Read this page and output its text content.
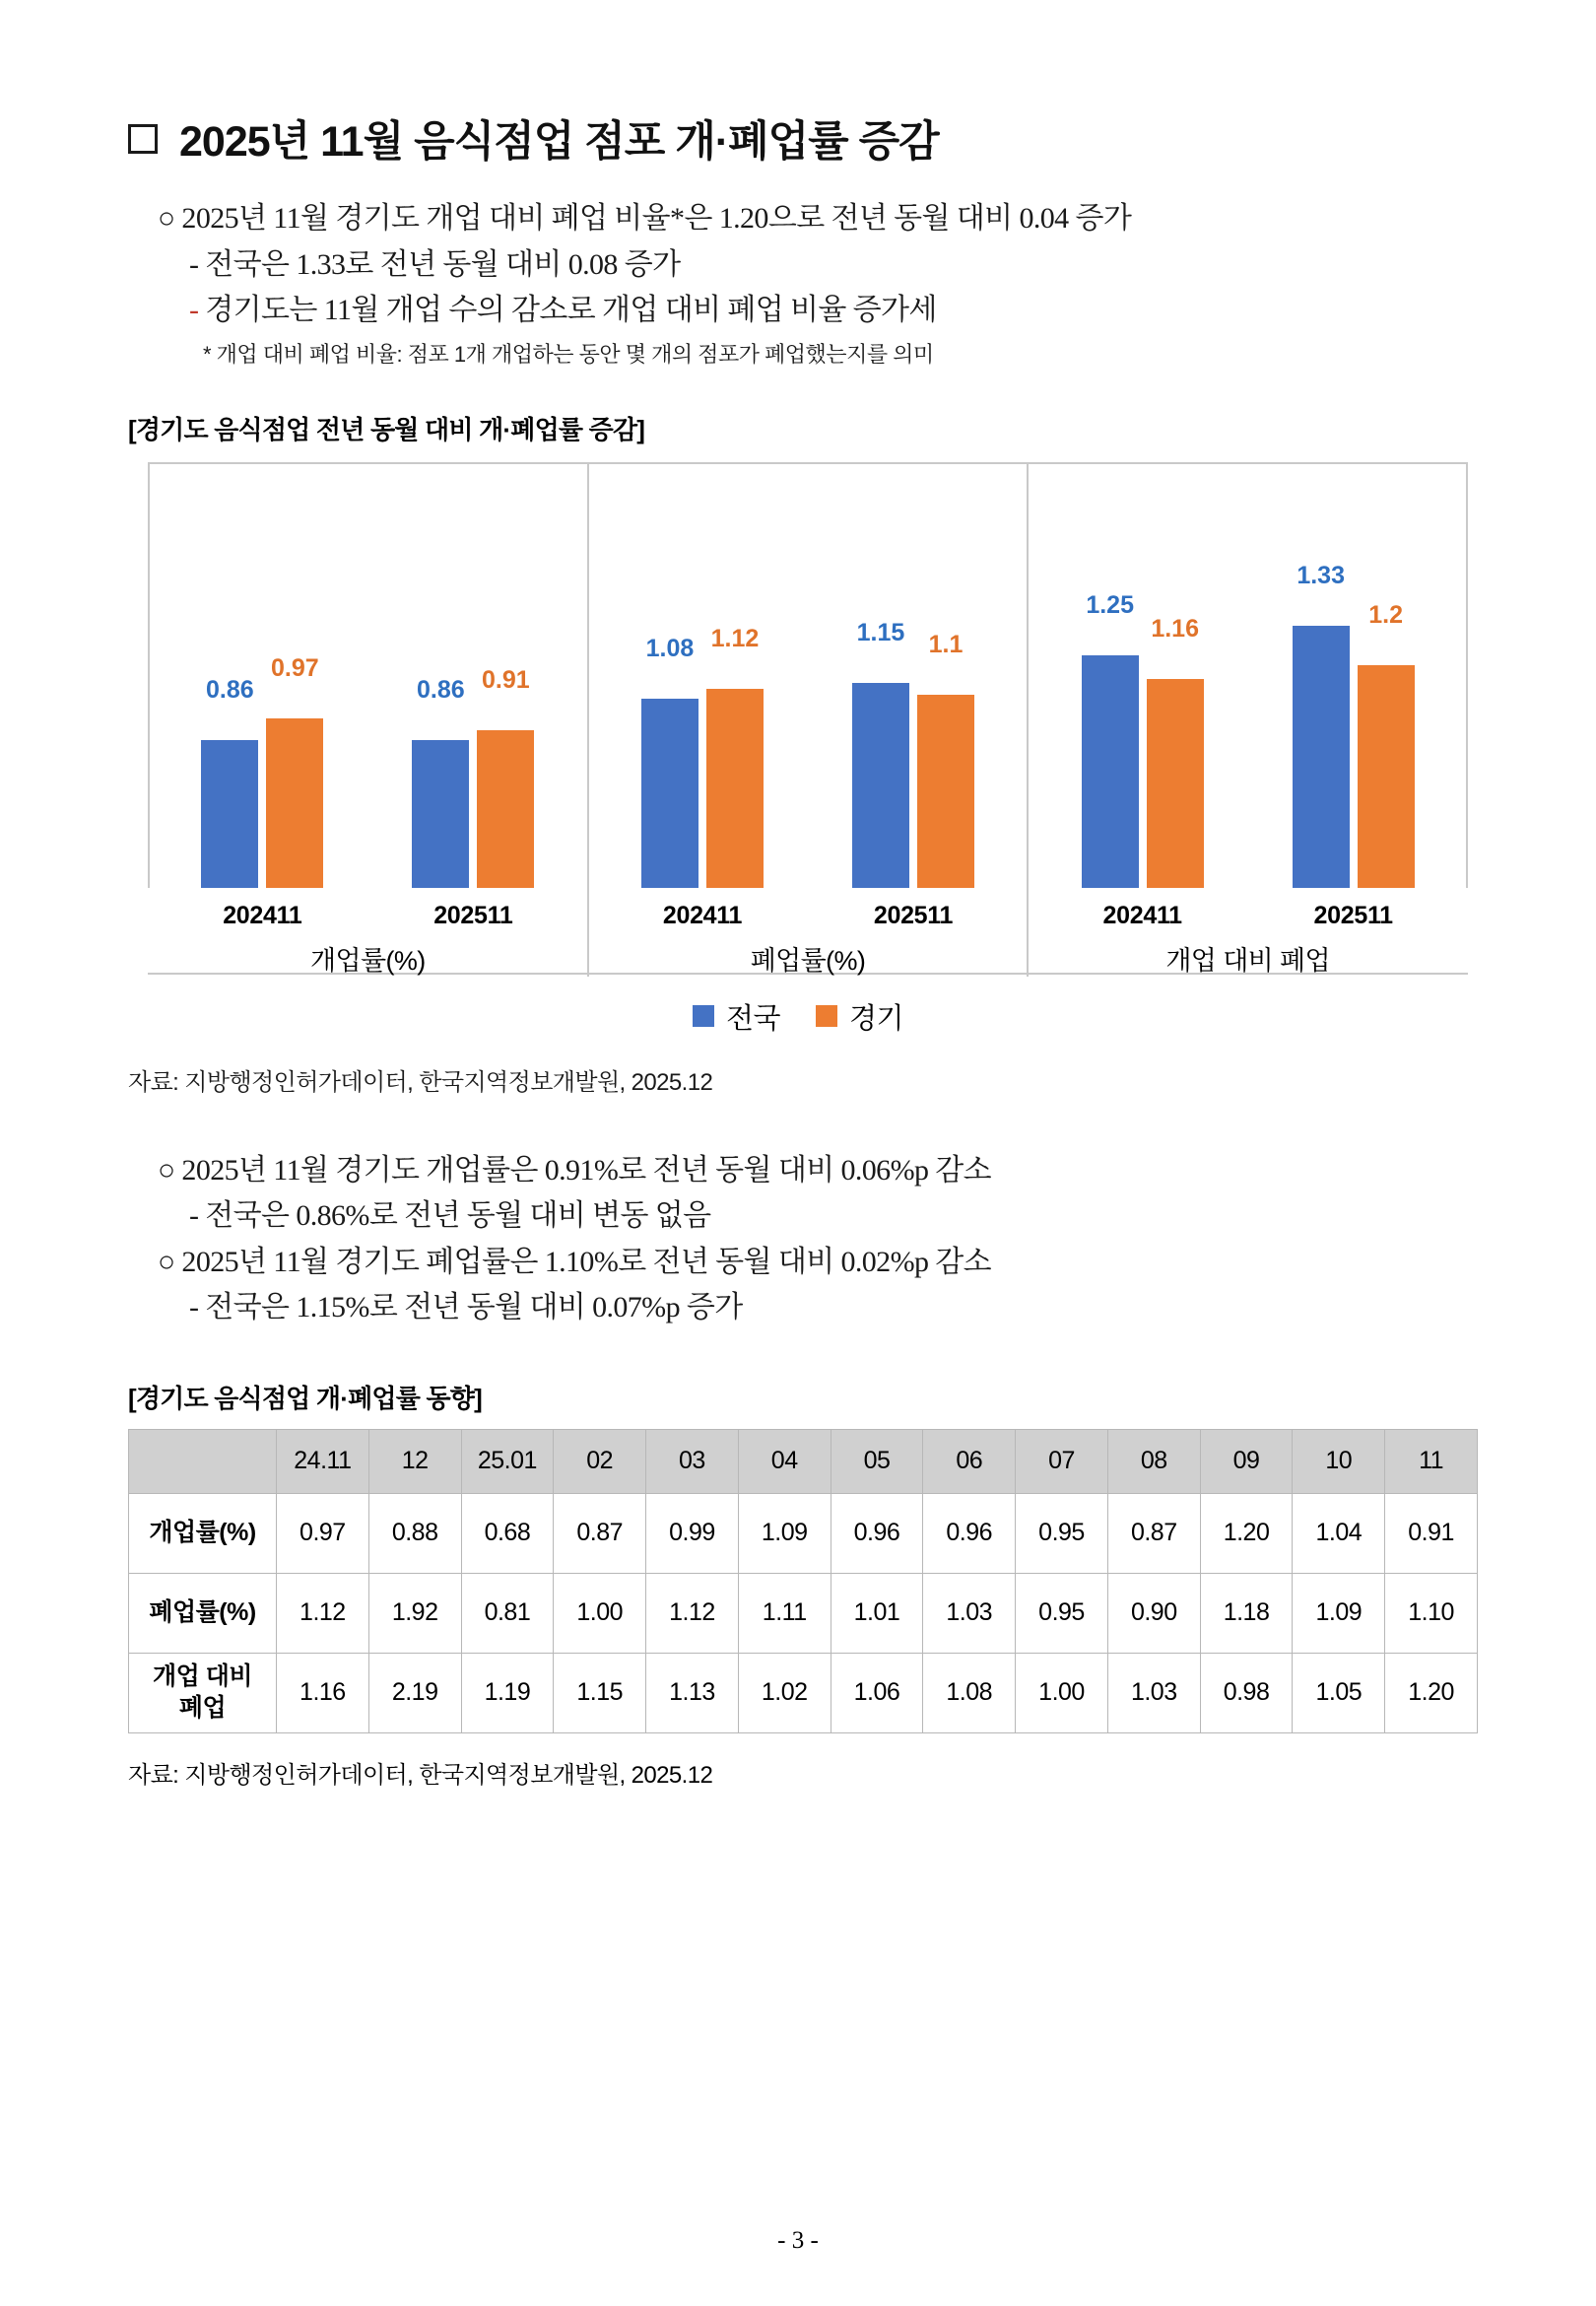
2025년 11월 음식점업 점포 개·폐업률 증감
○ 2025년 11월 경기도 개업 대비 폐업 비율*은 1.20으로 전년 동월 대비 0.04 증가
- 전국은 1.33로 전년 동월 대비 0.08 증가
- 경기도는 11월 개업 수의 감소로 개업 대비 폐업 비율 증가세
* 개업 대비 폐업 비율: 점포 1개 개업하는 동안 몇 개의 점포가 폐업했는지를 의미
[경기도 음식점업 전년 동월 대비 개·폐업률 증감]
0.86
0.97
0.86 0.91
1.08 1.12	1.15 1.1
1.25
1.16
1.33
1.2
202411	202511	202411	202511	202411	202511
개업률(%)	폐업률(%)	개업 대비 폐업
전국 경기
자료: 지방행정인허가데이터, 한국지역정보개발원, 2025.12
○ 2025년 11월 경기도 개업률은 0.91%로 전년 동월 대비 0.06%p 감소
- 전국은 0.86%로 전년 동월 대비 변동 없음
○ 2025년 11월 경기도 폐업률은 1.10%로 전년 동월 대비 0.02%p 감소
- 전국은 1.15%로 전년 동월 대비 0.07%p 증가
[경기도 음식점업 개·폐업률 동향]
	24.11	12	25.01	02	03	04	05	06	07	08	09	10	11
개업률(%)	0.97	0.88	0.68	0.87	0.99	1.09	0.96	0.96	0.95	0.87	1.20	1.04	0.91
폐업률(%)	1.12	1.92	0.81	1.00	1.12	1.11	1.01	1.03	0.95	0.90	1.18	1.09	1.10

개업 대비
폐업	1.16	2.19	1.19	1.15	1.13	1.02	1.06	1.08	1.00	1.03	0.98	1.05	1.20
자료: 지방행정인허가데이터, 한국지역정보개발원, 2025.12
- 3 -
